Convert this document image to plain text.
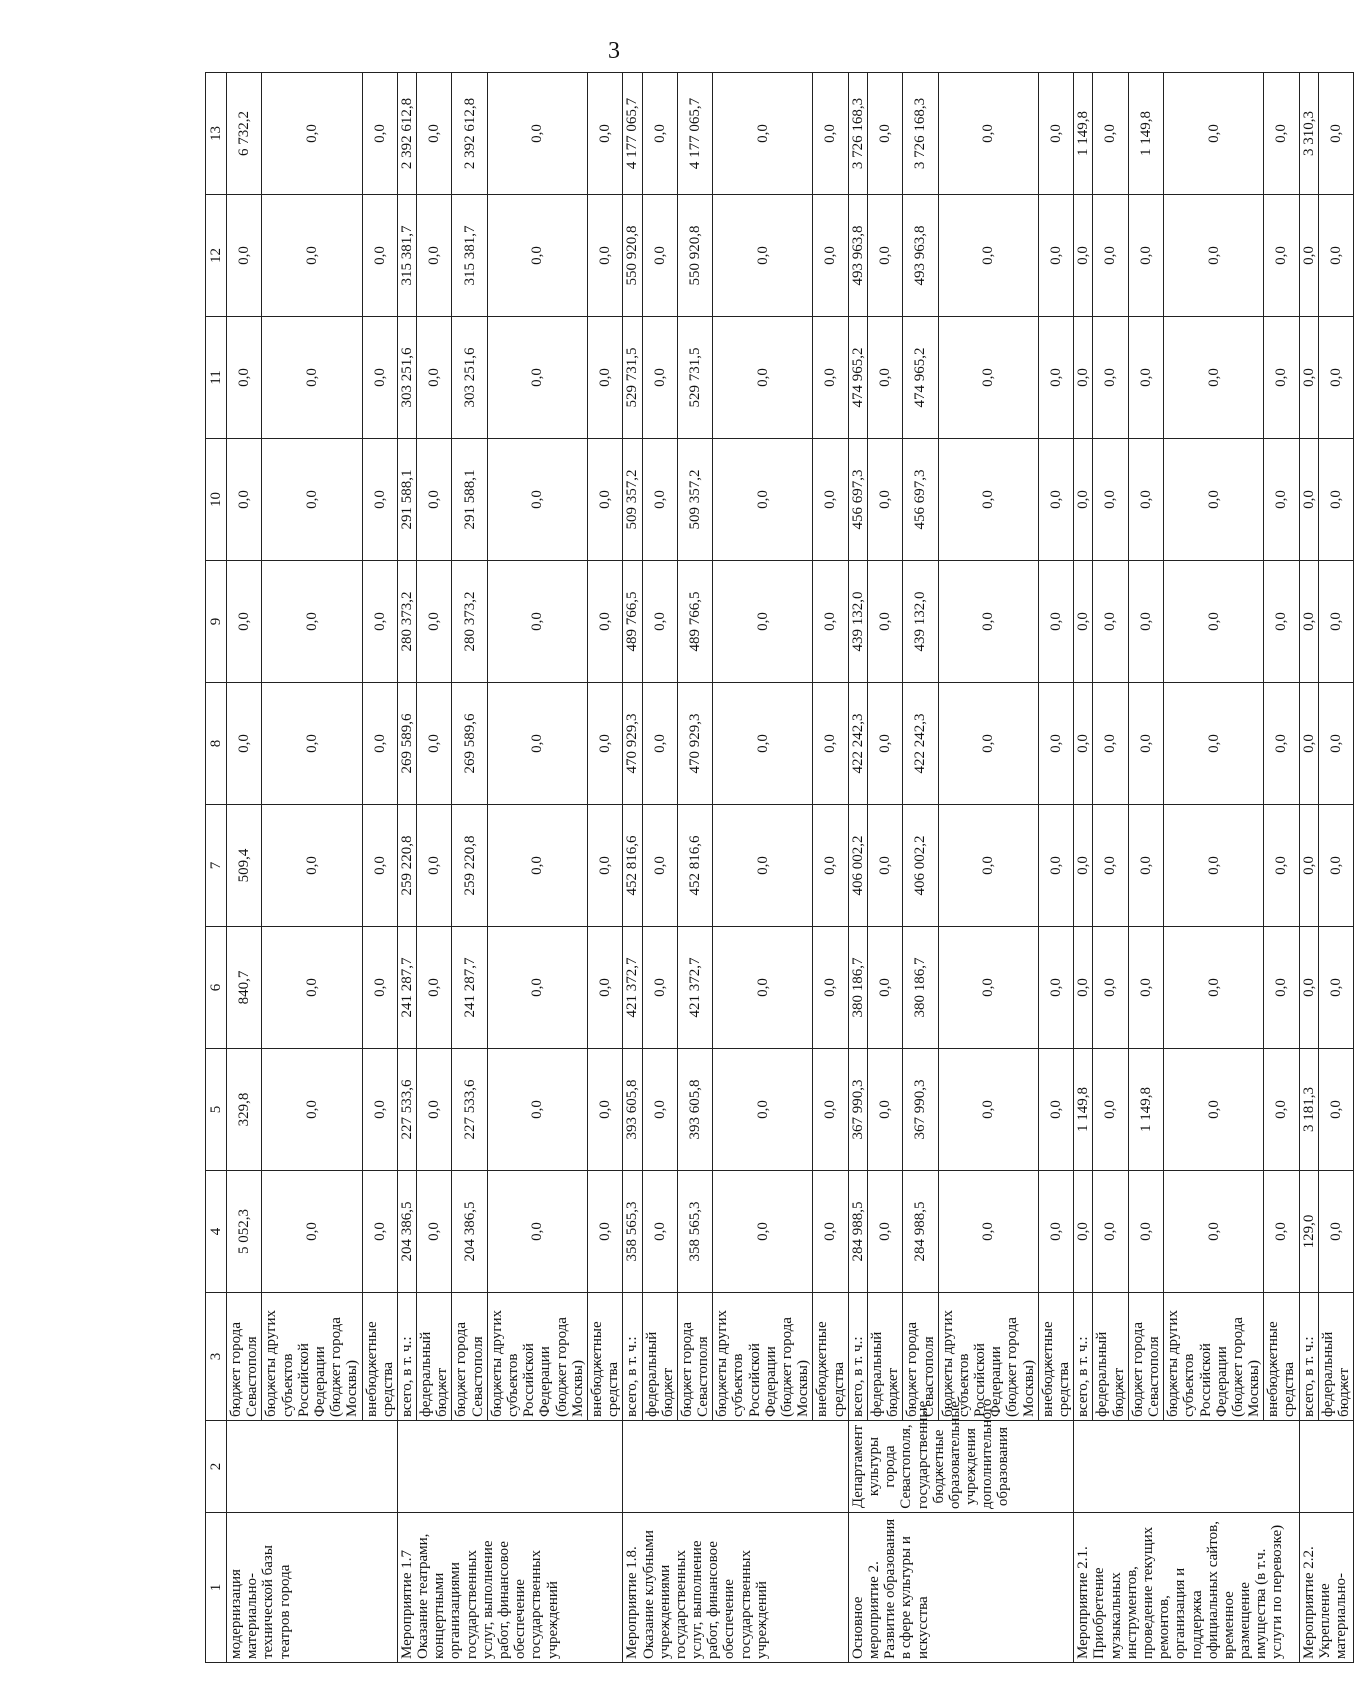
3
1	2	3	4	5	6	7	8	9	10	11	12	13
модернизация материально-технической базы театров города		бюджет города Севастополя	5 052,3	329,8	840,7	509,4	0,0	0,0	0,0	0,0	0,0	6 732,2
		бюджеты других субъектов Российской Федерации (бюджет города Москвы)	0,0	0,0	0,0	0,0	0,0	0,0	0,0	0,0	0,0	0,0
		внебюджетные средства	0,0	0,0	0,0	0,0	0,0	0,0	0,0	0,0	0,0	0,0
Мероприятие 1.7 Оказание театрами, концертными организациями государственных услуг, выполнение работ, финансовое обеспечение государственных учреждений		всего, в т. ч.:	204 386,5	227 533,6	241 287,7	259 220,8	269 589,6	280 373,2	291 588,1	303 251,6	315 381,7	2 392 612,8
		федеральный бюджет	0,0	0,0	0,0	0,0	0,0	0,0	0,0	0,0	0,0	0,0
		бюджет города Севастополя	204 386,5	227 533,6	241 287,7	259 220,8	269 589,6	280 373,2	291 588,1	303 251,6	315 381,7	2 392 612,8
		бюджеты других субъектов Российской Федерации (бюджет города Москвы)	0,0	0,0	0,0	0,0	0,0	0,0	0,0	0,0	0,0	0,0
		внебюджетные средства	0,0	0,0	0,0	0,0	0,0	0,0	0,0	0,0	0,0	0,0
Мероприятие 1.8. Оказание клубными учреждениями государственных услуг, выполнение работ, финансовое обеспечение государственных учреждений		всего, в т. ч.:	358 565,3	393 605,8	421 372,7	452 816,6	470 929,3	489 766,5	509 357,2	529 731,5	550 920,8	4 177 065,7
		федеральный бюджет	0,0	0,0	0,0	0,0	0,0	0,0	0,0	0,0	0,0	0,0
		бюджет города Севастополя	358 565,3	393 605,8	421 372,7	452 816,6	470 929,3	489 766,5	509 357,2	529 731,5	550 920,8	4 177 065,7
		бюджеты других субъектов Российской Федерации (бюджет города Москвы)	0,0	0,0	0,0	0,0	0,0	0,0	0,0	0,0	0,0	0,0
		внебюджетные средства	0,0	0,0	0,0	0,0	0,0	0,0	0,0	0,0	0,0	0,0
Основное мероприятие 2. Развитие образования в сфере культуры и искусства	Департамент культуры города Севастополя, государственные бюджетные образовательные учреждения дополнительного образования	всего, в т. ч.:	284 988,5	367 990,3	380 186,7	406 002,2	422 242,3	439 132,0	456 697,3	474 965,2	493 963,8	3 726 168,3
		федеральный бюджет	0,0	0,0	0,0	0,0	0,0	0,0	0,0	0,0	0,0	0,0
		бюджет города Севастополя	284 988,5	367 990,3	380 186,7	406 002,2	422 242,3	439 132,0	456 697,3	474 965,2	493 963,8	3 726 168,3
		бюджеты других субъектов Российской Федерации (бюджет города Москвы)	0,0	0,0	0,0	0,0	0,0	0,0	0,0	0,0	0,0	0,0
		внебюджетные средства	0,0	0,0	0,0	0,0	0,0	0,0	0,0	0,0	0,0	0,0
Мероприятие 2.1. Приобретение музыкальных инструментов, проведение текущих ремонтов, организация и поддержка официальных сайтов, временное размещение имущества (в т.ч. услуги по перевозке)		всего, в т. ч.:	0,0	1 149,8	0,0	0,0	0,0	0,0	0,0	0,0	0,0	1 149,8
		федеральный бюджет	0,0	0,0	0,0	0,0	0,0	0,0	0,0	0,0	0,0	0,0
		бюджет города Севастополя	0,0	1 149,8	0,0	0,0	0,0	0,0	0,0	0,0	0,0	1 149,8
		бюджеты других субъектов Российской Федерации (бюджет города Москвы)	0,0	0,0	0,0	0,0	0,0	0,0	0,0	0,0	0,0	0,0
		внебюджетные средства	0,0	0,0	0,0	0,0	0,0	0,0	0,0	0,0	0,0	0,0
Мероприятие 2.2. Укрепление материально-		всего, в т. ч.:	129,0	3 181,3	0,0	0,0	0,0	0,0	0,0	0,0	0,0	3 310,3
		федеральный бюджет	0,0	0,0	0,0	0,0	0,0	0,0	0,0	0,0	0,0	0,0
